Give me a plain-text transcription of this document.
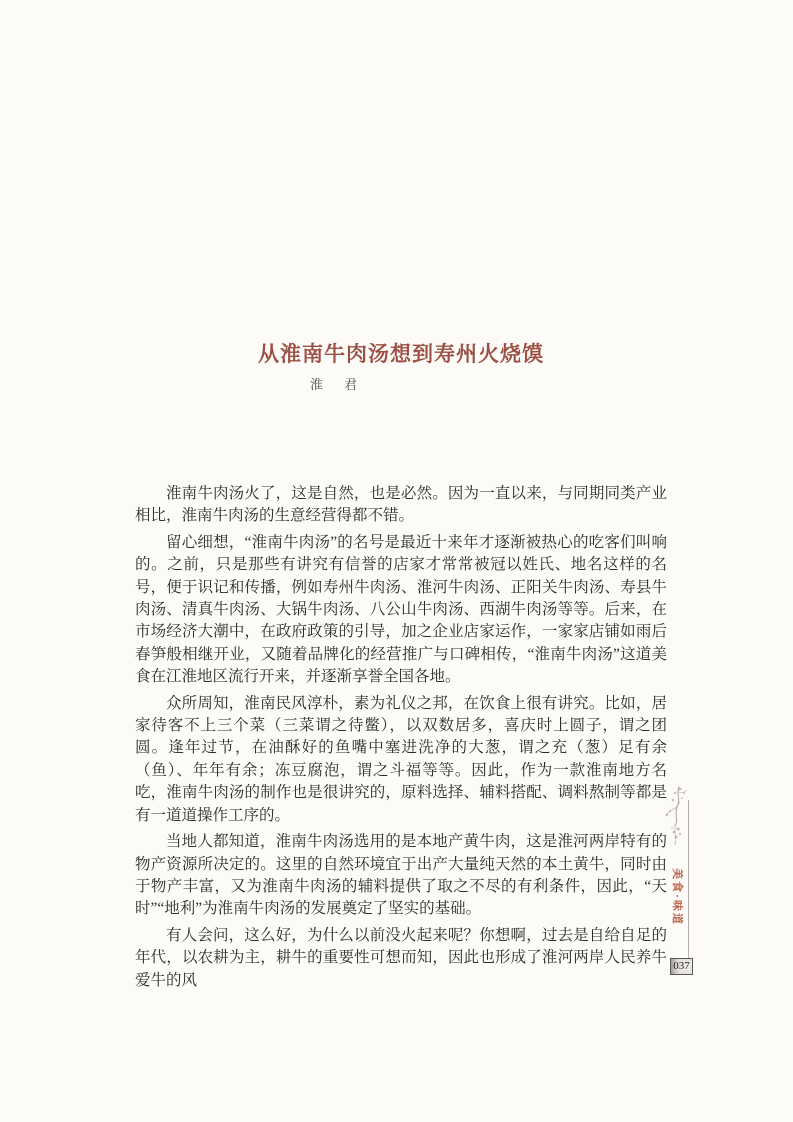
从淮南牛肉汤想到寿州火烧馍
淮　君

淮南牛肉汤火了，这是自然，也是必然。因为一直以来，与同期同类产业相比，淮南牛肉汤的生意经营得都不错。

留心细想，“淮南牛肉汤”的名号是最近十来年才逐渐被热心的吃客们叫响的。之前，只是那些有讲究有信誉的店家才常常被冠以姓氏、地名这样的名号，便于识记和传播，例如寿州牛肉汤、淮河牛肉汤、正阳关牛肉汤、寿县牛肉汤、清真牛肉汤、大锅牛肉汤、八公山牛肉汤、西湖牛肉汤等等。后来，在市场经济大潮中，在政府政策的引导，加之企业店家运作，一家家店铺如雨后春笋般相继开业，又随着品牌化的经营推广与口碑相传，“淮南牛肉汤”这道美食在江淮地区流行开来，并逐渐享誉全国各地。

众所周知，淮南民风淳朴，素为礼仪之邦，在饮食上很有讲究。比如，居家待客不上三个菜（三菜谓之待鳖），以双数居多，喜庆时上圆子，谓之团圆。逢年过节，在油酥好的鱼嘴中塞进洗净的大葱，谓之充（葱）足有余（鱼）、年年有余；冻豆腐泡，谓之斗福等等。因此，作为一款淮南地方名吃，淮南牛肉汤的制作也是很讲究的，原料选择、辅料搭配、调料熬制等都是有一道道操作工序的。

当地人都知道，淮南牛肉汤选用的是本地产黄牛肉，这是淮河两岸特有的物产资源所决定的。这里的自然环境宜于出产大量纯天然的本土黄牛，同时由于物产丰富，又为淮南牛肉汤的辅料提供了取之不尽的有利条件，因此，“天时”“地利”为淮南牛肉汤的发展奠定了坚实的基础。

有人会问，这么好，为什么以前没火起来呢？你想啊，过去是自给自足的年代，以农耕为主，耕牛的重要性可想而知，因此也形成了淮河两岸人民养牛爱牛的风

美食·味道
037
